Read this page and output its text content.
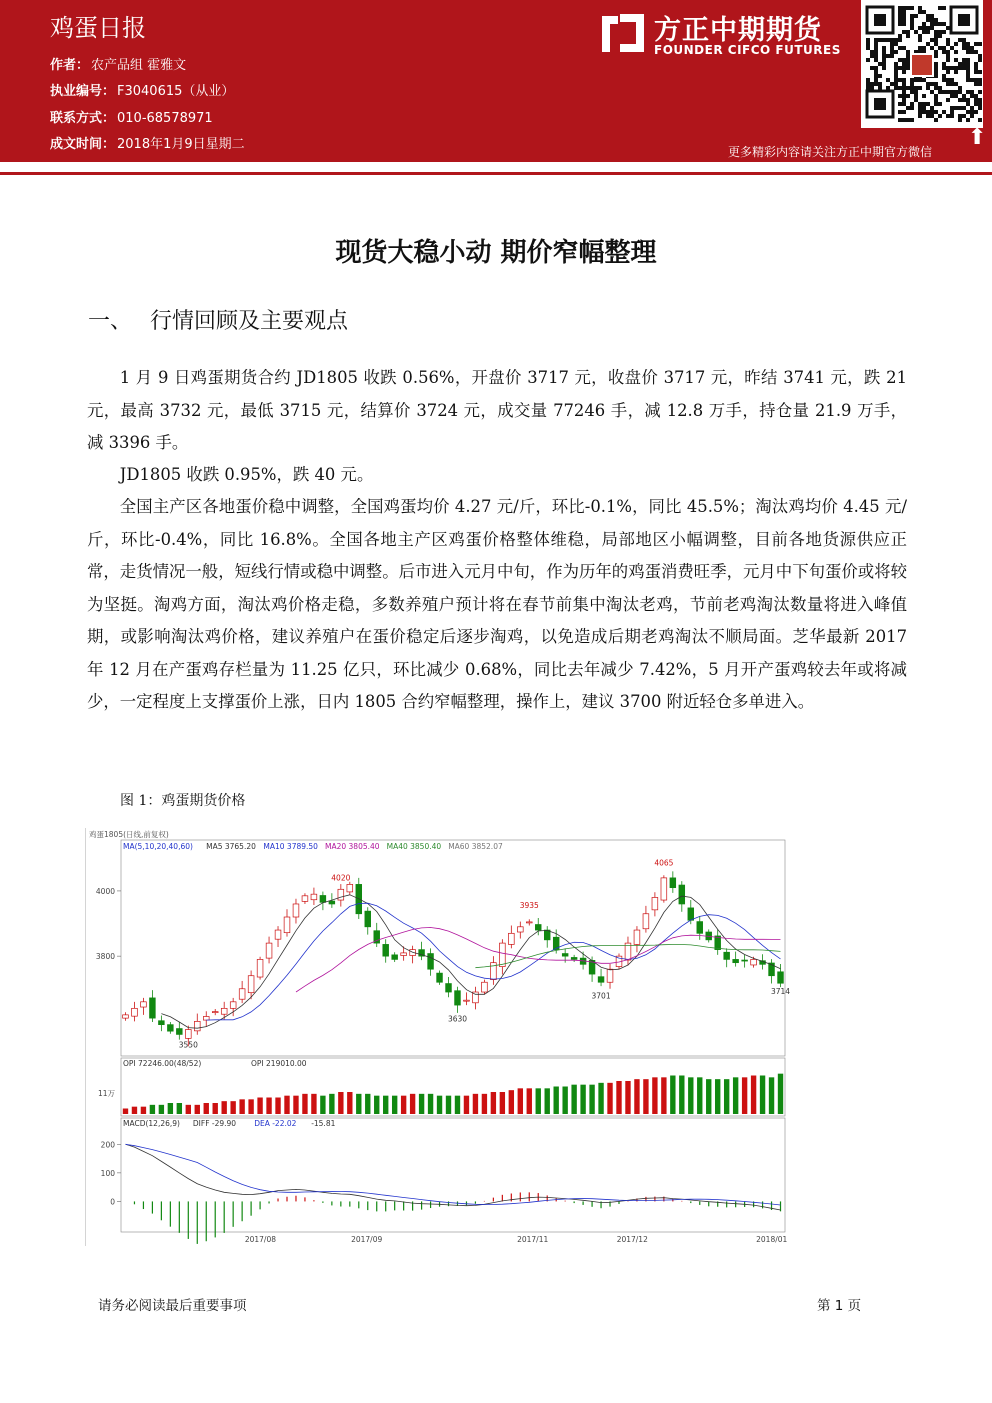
鸡蛋日报
作者： 农产品组 霍雅文
执业编号： F3040615（从业）
联系方式： 010-68578971
成文时间： 2018年1月9日星期二
方正中期期货
FOUNDER CIFCO FUTURES
⬆
更多精彩内容请关注方正中期官方微信
现货大稳小动 期价窄幅整理
一、 行情回顾及主要观点

1 月 9 日鸡蛋期货合约 JD1805 收跌 0.56%，开盘价 3717 元，收盘价 3717 元，昨结 3741 元，跌 21 元，最高 3732 元，最低 3715 元，结算价 3724 元，成交量 77246 手，减 12.8 万手，持仓量 21.9 万手，减 3396 手。

JD1805 收跌 0.95%，跌 40 元。

全国主产区各地蛋价稳中调整，全国鸡蛋均价 4.27 元/斤，环比-0.1%，同比 45.5%；淘汰鸡均价 4.45 元/斤，环比-0.4%，同比 16.8%。全国各地主产区鸡蛋价格整体维稳，局部地区小幅调整，目前各地货源供应正常，走货情况一般，短线行情或稳中调整。后市进入元月中旬，作为历年的鸡蛋消费旺季，元月中下旬蛋价或将较为坚挺。淘鸡方面，淘汰鸡价格走稳，多数养殖户预计将在春节前集中淘汰老鸡，节前老鸡淘汰数量将进入峰值期，或影响淘汰鸡价格，建议养殖户在蛋价稳定后逐步淘鸡，以免造成后期老鸡淘汰不顺局面。芝华最新 2017 年 12 月在产蛋鸡存栏量为 11.25 亿只，环比减少 0.68%，同比去年减少 7.42%，5 月开产蛋鸡较去年或将减少，一定程度上支撑蛋价上涨，日内 1805 合约窄幅整理，操作上，建议 3700 附近轻仓多单进入。

图 1：鸡蛋期货价格
鸡蛋1805(日线,前复权)
MA(5,10,20,40,60) MA5 3765.20 MA10 3789.50 MA20 3805.40 MA40 3850.40 MA60 3852.07
4000
3800
4020
3935
4065
3550
3630
3701	3714
OPI 72246.00(48/52)	OPI 219010.00
11万
MACD(12,26,9) DIFF -29.90 DEA -22.02 -15.81
200
100
0
2017/08	2017/09	2017/11	2017/12	2018/01
请务必阅读最后重要事项	第 1 页
